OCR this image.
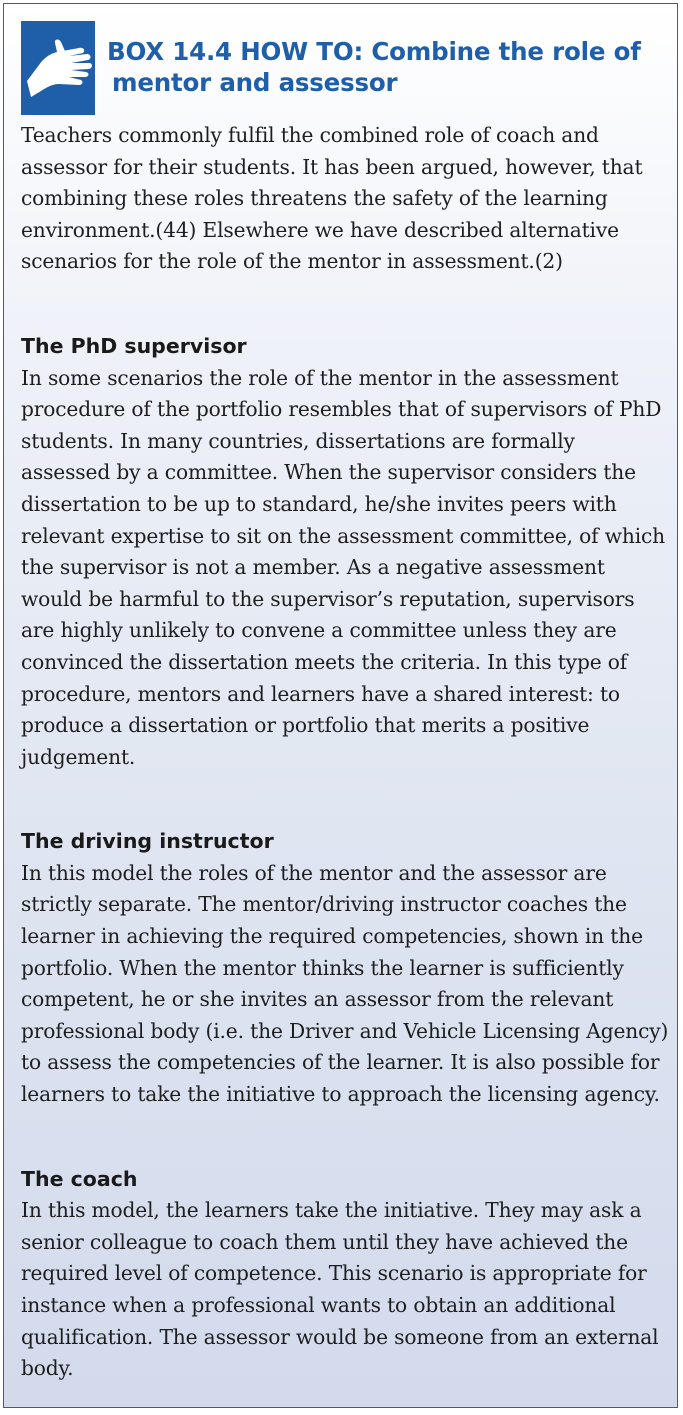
BOX 14.4 HOW TO: Combine the role of
mentor and assessor

Teachers commonly fulfil the combined role of coach and assessor for their students. It has been argued, however, that combining these roles threatens the safety of the learning environment.(44) Elsewhere we have described alternative scenarios for the role of the mentor in assessment.(2)

The PhD supervisor

In some scenarios the role of the mentor in the assessment procedure of the portfolio resembles that of supervisors of PhD students. In many countries, dissertations are formally assessed by a committee. When the supervisor considers the dissertation to be up to standard, he/she invites peers with relevant expertise to sit on the assessment committee, of which the supervisor is not a member. As a negative assessment would be harmful to the supervisor’s reputation, supervisors are highly unlikely to convene a committee unless they are convinced the dissertation meets the criteria. In this type of procedure, mentors and learners have a shared interest: to produce a dissertation or portfolio that merits a positive judgement.

The driving instructor

In this model the roles of the mentor and the assessor are strictly separate. The mentor/driving instructor coaches the learner in achieving the required competencies, shown in the portfolio. When the mentor thinks the learner is sufficiently competent, he or she invites an assessor from the relevant professional body (i.e. the Driver and Vehicle Licensing Agency) to assess the competencies of the learner. It is also possible for learners to take the initiative to approach the licensing agency.

The coach

In this model, the learners take the initiative. They may ask a senior colleague to coach them until they have achieved the required level of competence. This scenario is appropriate for instance when a professional wants to obtain an additional qualification. The assessor would be someone from an external body.
